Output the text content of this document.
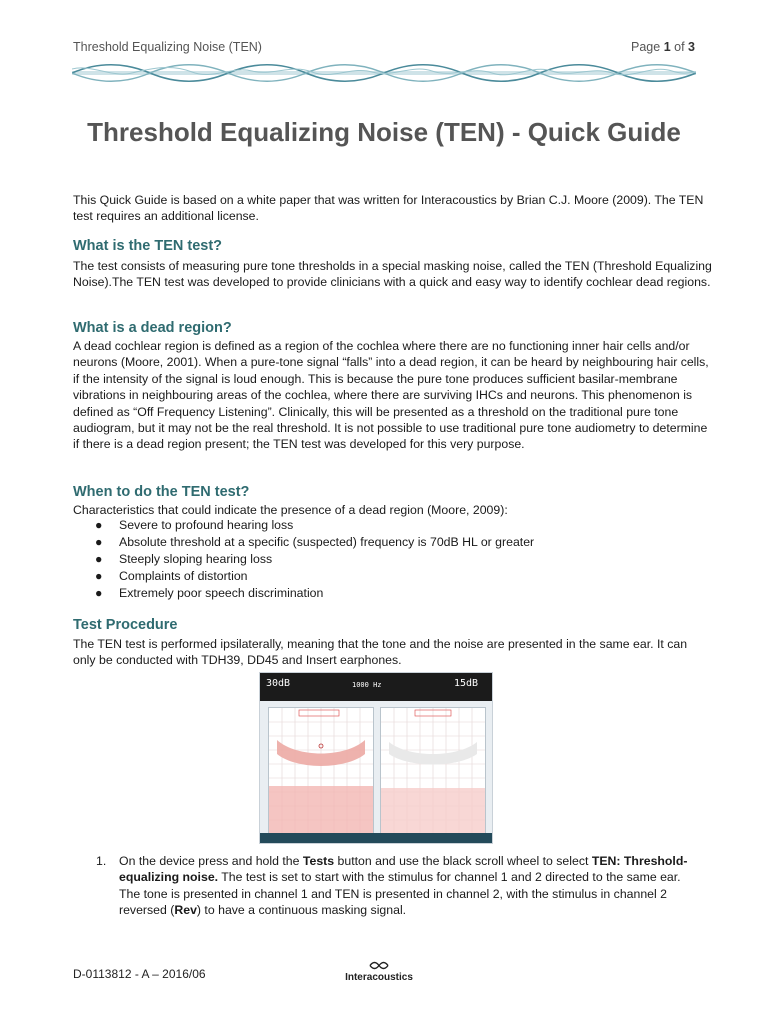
Threshold Equalizing Noise (TEN)	Page 1 of 3
Threshold Equalizing Noise (TEN) - Quick Guide

This Quick Guide is based on a white paper that was written for Interacoustics by Brian C.J. Moore (2009). The TEN test requires an additional license.

What is the TEN test?

The test consists of measuring pure tone thresholds in a special masking noise, called the TEN (Threshold Equalizing Noise).The TEN test was developed to provide clinicians with a quick and easy way to identify cochlear dead regions.

What is a dead region?

A dead cochlear region is defined as a region of the cochlea where there are no functioning inner hair cells and/or neurons (Moore, 2001). When a pure-tone signal “falls” into a dead region, it can be heard by neighbouring hair cells, if the intensity of the signal is loud enough. This is because the pure tone produces sufficient basilar-membrane vibrations in neighbouring areas of the cochlea, where there are surviving IHCs and neurons. This phenomenon is defined as “Off Frequency Listening”. Clinically, this will be presented as a threshold on the traditional pure tone audiogram, but it may not be the real threshold. It is not possible to use traditional pure tone audiometry to determine if there is a dead region present; the TEN test was developed for this very purpose.

When to do the TEN test?

Characteristics that could indicate the presence of a dead region (Moore, 2009):

● Severe to profound hearing loss
● Absolute threshold at a specific (suspected) frequency is 70dB HL or greater
● Steeply sloping hearing loss
● Complaints of distortion
● Extremely poor speech discrimination
Test Procedure

The TEN test is performed ipsilaterally, meaning that the tone and the noise are presented in the same ear. It can only be conducted with TDH39, DD45 and Insert earphones.

30dB	1000 Hz	15dB
1. On the device press and hold the Tests button and use the black scroll wheel to select TEN: Threshold-equalizing noise. The test is set to start with the stimulus for channel 1 and 2 directed to the same ear. The tone is presented in channel 1 and TEN is presented in channel 2, with the stimulus in channel 2 reversed (Rev) to have a continuous masking signal.
D-0113812 - A – 2016/06	Interacoustics
